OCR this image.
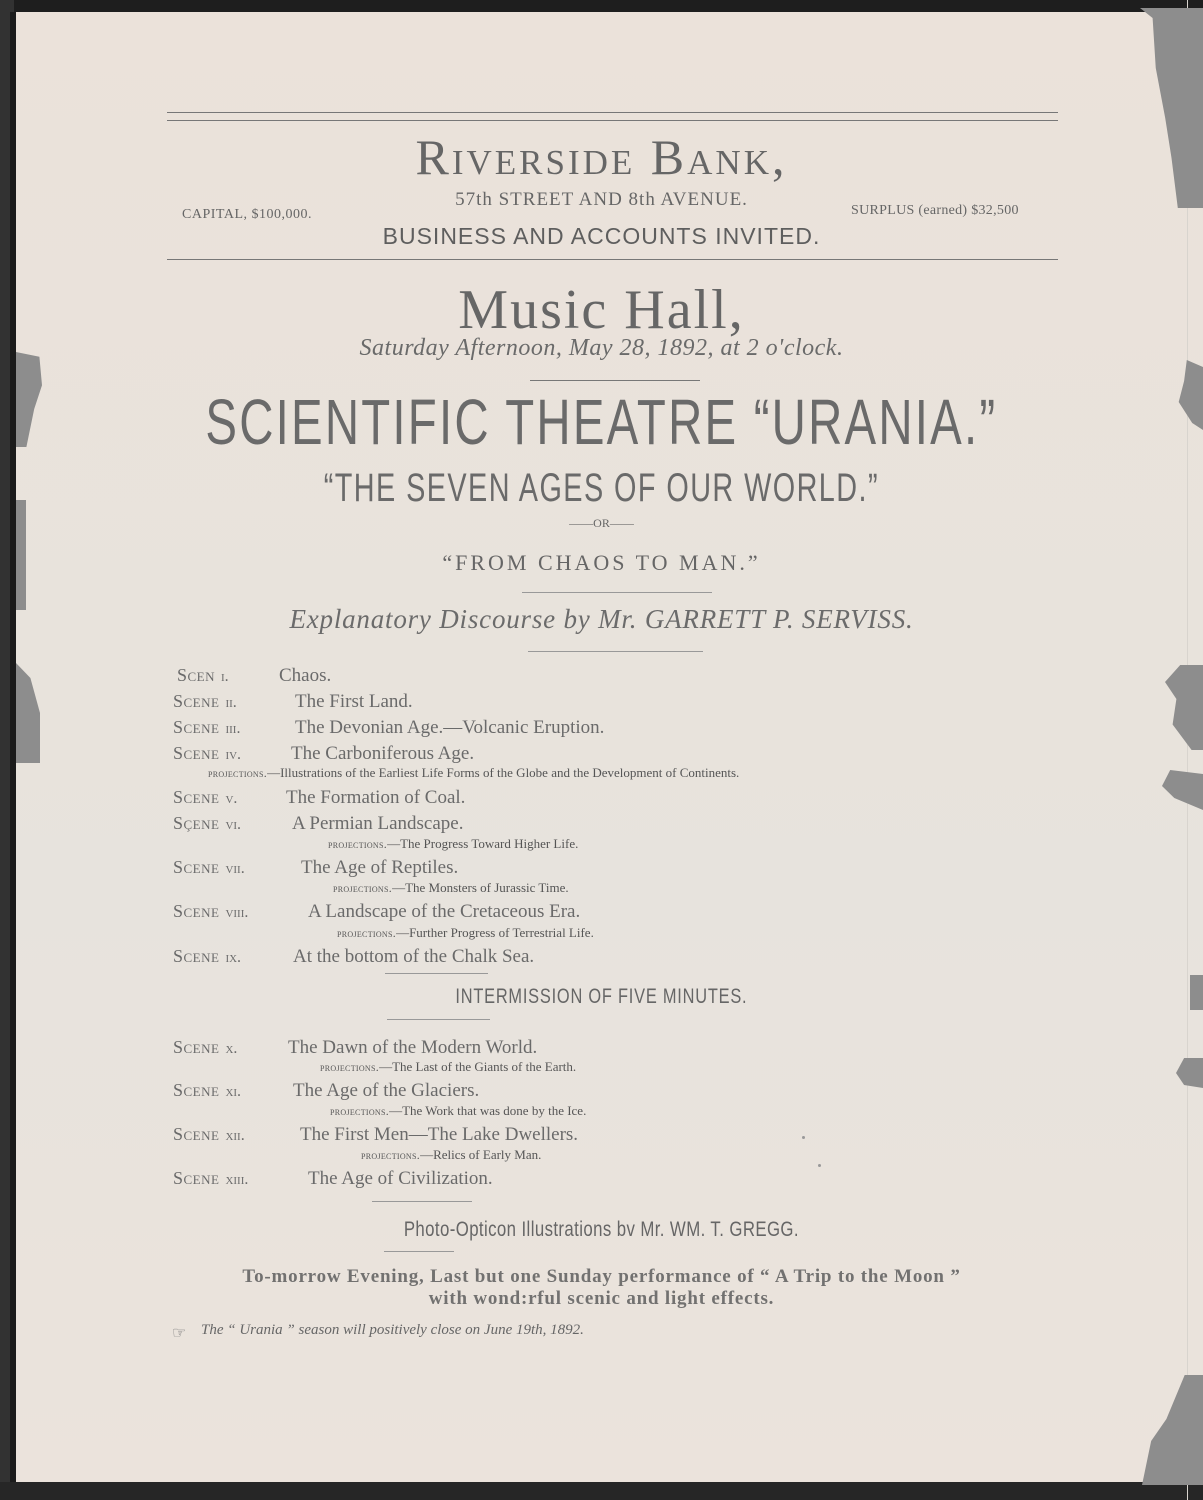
Riverside Bank,
57th STREET AND 8th AVENUE.
CAPITAL, $100,000.	SURPLUS (earned) $32,500
BUSINESS AND ACCOUNTS INVITED.
Music Hall,
Saturday Afternoon, May 28, 1892, at 2 o'clock.
SCIENTIFIC THEATRE “URANIA.”
“THE SEVEN AGES OF OUR WORLD.”
——OR——
“FROM CHAOS TO MAN.”
Explanatory Discourse by Mr. GARRETT P. SERVISS.
Scen i.	Chaos.
Scene ii.	The First Land.
Scene iii.	The Devonian Age.—Volcanic Eruption.
Scene iv.	The Carboniferous Age.
projections.—Illustrations of the Earliest Life Forms of the Globe and the Development of Continents.
Scene v.	The Formation of Coal.
Sçene vi.	A Permian Landscape.
projections.—The Progress Toward Higher Life.
Scene vii.	The Age of Reptiles.
projections.—The Monsters of Jurassic Time.
Scene viii.	A Landscape of the Cretaceous Era.
projections.—Further Progress of Terrestrial Life.
Scene ix.	At the bottom of the Chalk Sea.
INTERMISSION OF FIVE MINUTES.
Scene x.	The Dawn of the Modern World.
projections.—The Last of the Giants of the Earth.
Scene xi.	The Age of the Glaciers.
projections.—The Work that was done by the Ice.
Scene xii.	The First Men—The Lake Dwellers.
projections.—Relics of Early Man.
Scene xiii.	The Age of Civilization.
Photo-Opticon Illustrations bv Mr. WM. T. GREGG.
To-morrow Evening, Last but one Sunday performance of “ A Trip to the Moon ”
with wond:rful scenic and light effects.
☞ The “ Urania ” season will positively close on June 19th, 1892.
